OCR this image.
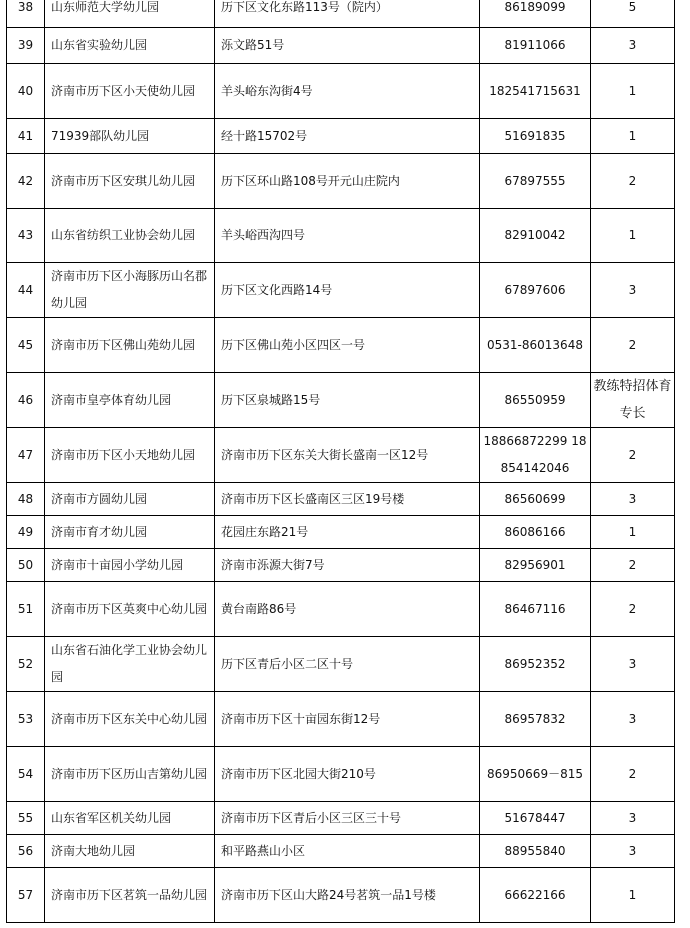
38	山东师范大学幼儿园	历下区文化东路113号（院内）	86189099	5
39	山东省实验幼儿园	泺文路51号	81911066	3
40	济南市历下区小天使幼儿园	羊头峪东沟街4号	182541715631	1
41	71939部队幼儿园	经十路15702号	51691835	1
42	济南市历下区安琪儿幼儿园	历下区环山路108号开元山庄院内	67897555	2
43	山东省纺织工业协会幼儿园	羊头峪西沟四号	82910042	1
44	济南市历下区小海豚历山名郡幼儿园	历下区文化西路14号	67897606	3
45	济南市历下区佛山苑幼儿园	历下区佛山苑小区四区一号	0531-86013648	2
46	济南市皇亭体育幼儿园	历下区泉城路15号	86550959	教练特招体育专长
47	济南市历下区小天地幼儿园	济南市历下区东关大街长盛南一区12号	18866872299 18854142046	2
48	济南市方圆幼儿园	济南市历下区长盛南区三区19号楼	86560699	3
49	济南市育才幼儿园	花园庄东路21号	86086166	1
50	济南市十亩园小学幼儿园	济南市泺源大街7号	82956901	2
51	济南市历下区英爽中心幼儿园	黄台南路86号	86467116	2
52	山东省石油化学工业协会幼儿园	历下区青后小区二区十号	86952352	3
53	济南市历下区东关中心幼儿园	济南市历下区十亩园东街12号	86957832	3
54	济南市历下区历山吉第幼儿园	济南市历下区北园大街210号	86950669－815	2
55	山东省军区机关幼儿园	济南市历下区青后小区三区三十号	51678447	3
56	济南大地幼儿园	和平路燕山小区	88955840	3
57	济南市历下区茗筑一品幼儿园	济南市历下区山大路24号茗筑一品1号楼	66622166	1
